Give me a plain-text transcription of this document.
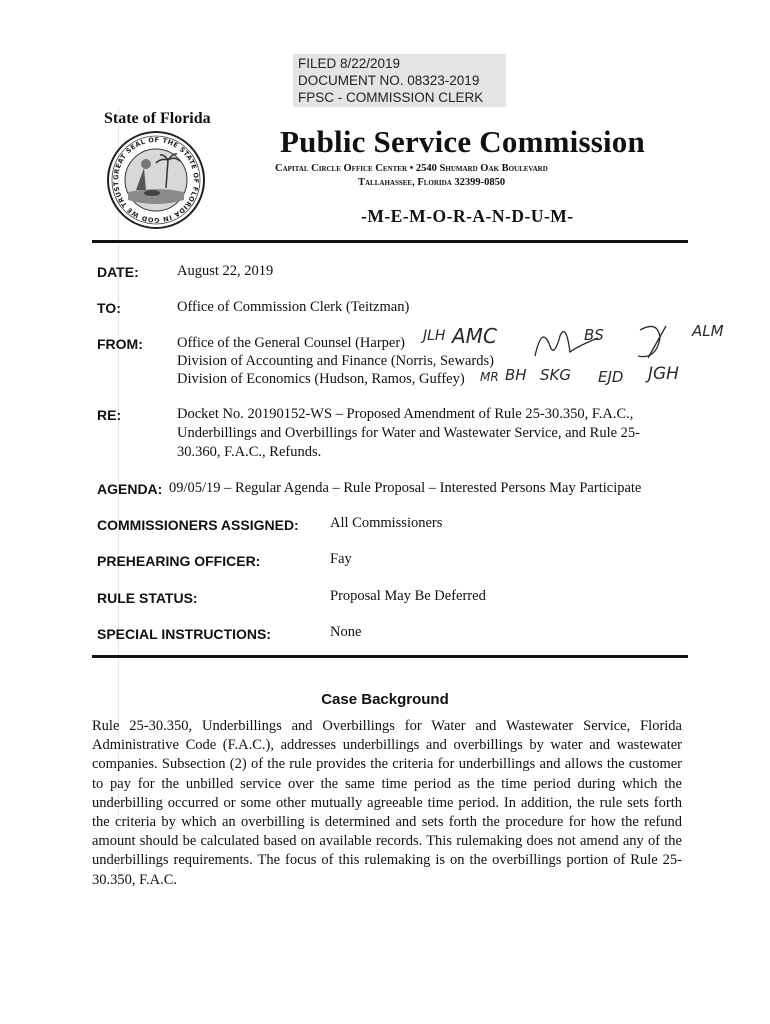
FILED 8/22/2019
DOCUMENT NO. 08323-2019
FPSC - COMMISSION CLERK
State of Florida
GREAT SEAL OF THE STATE OF FLORIDA IN GOD WE TRUST
Public Service Commission
Capital Circle Office Center • 2540 Shumard Oak Boulevard
Tallahassee, Florida 32399-0850
-M-E-M-O-R-A-N-D-U-M-
DATE:	August 22, 2019
TO:	Office of Commission Clerk (Teitzman)
FROM: Office of the General Counsel (Harper)
Division of Accounting and Finance (Norris, Sewards)
Division of Economics (Hudson, Ramos, Guffey)
JLH AMC	BS	ALM
MR BH SKG EJD JGH
RE:	Docket No. 20190152-WS – Proposed Amendment of Rule 25-30.350, F.A.C.,
Underbillings and Overbillings for Water and Wastewater Service, and Rule 25-
30.360, F.A.C., Refunds.
AGENDA: 09/05/19 – Regular Agenda – Rule Proposal – Interested Persons May Participate
COMMISSIONERS ASSIGNED: All Commissioners
PREHEARING OFFICER:	Fay
RULE STATUS:	Proposal May Be Deferred
SPECIAL INSTRUCTIONS:	None
Case Background
Rule 25-30.350, Underbillings and Overbillings for Water and Wastewater Service, Florida Administrative Code (F.A.C.), addresses underbillings and overbillings by water and wastewater companies. Subsection (2) of the rule provides the criteria for underbillings and allows the customer to pay for the unbilled service over the same time period as the time period during which the underbilling occurred or some other mutually agreeable time period. In addition, the rule sets forth the criteria by which an overbilling is determined and sets forth the procedure for how the refund amount should be calculated based on available records. This rulemaking does not amend any of the underbillings requirements. The focus of this rulemaking is on the overbillings portion of Rule 25-30.350, F.A.C.
